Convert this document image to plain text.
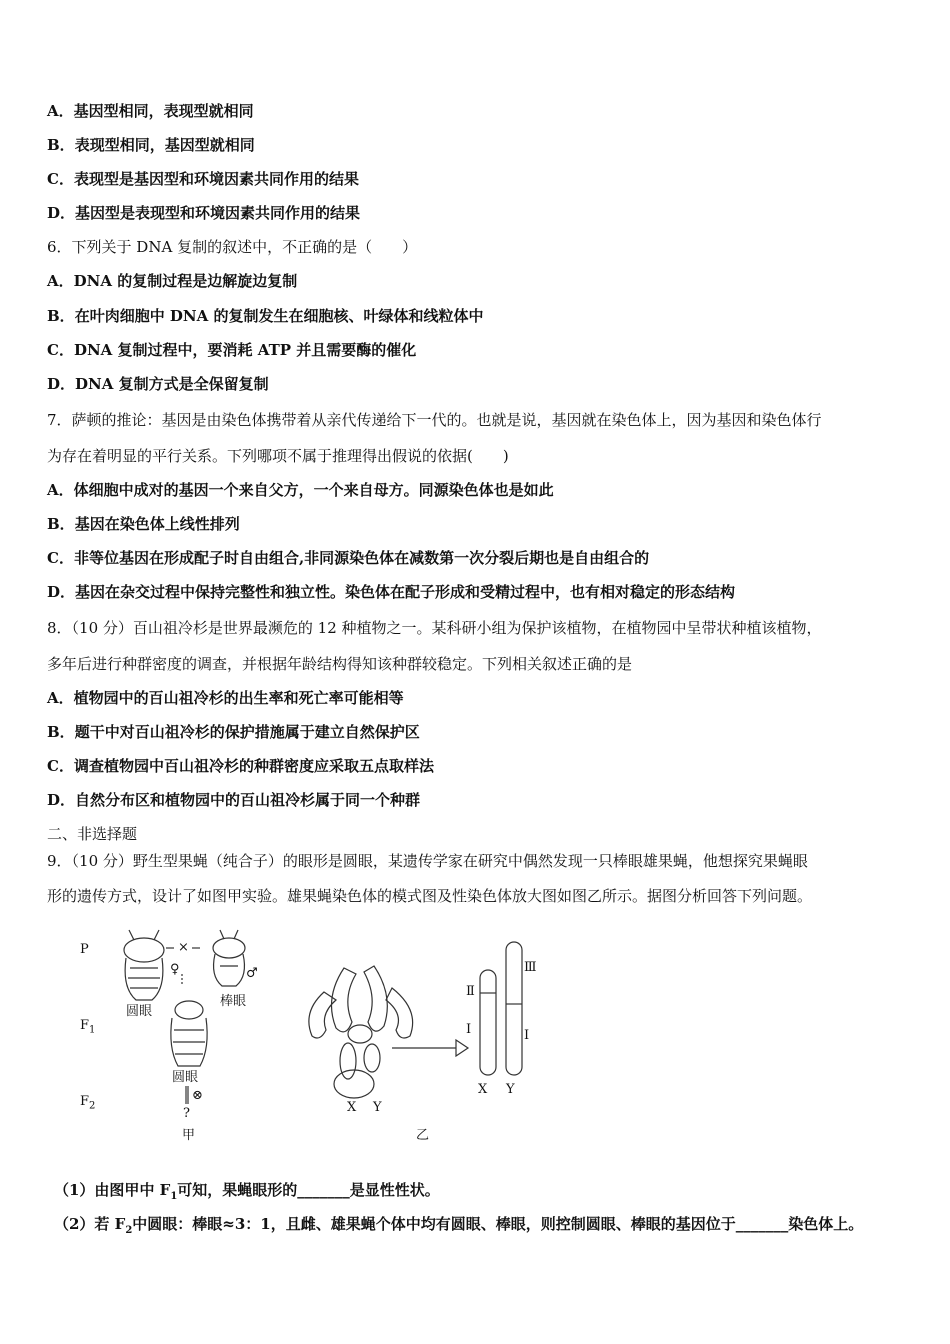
A．基因型相同，表现型就相同
B．表现型相同，基因型就相同
C．表现型是基因型和环境因素共同作用的结果
D．基因型是表现型和环境因素共同作用的结果
6．下列关于 DNA 复制的叙述中，不正确的是（　　）
A．DNA 的复制过程是边解旋边复制
B．在叶肉细胞中 DNA 的复制发生在细胞核、叶绿体和线粒体中
C．DNA 复制过程中，要消耗 ATP 并且需要酶的催化
D．DNA 复制方式是全保留复制
7．萨顿的推论：基因是由染色体携带着从亲代传递给下一代的。也就是说，基因就在染色体上，因为基因和染色体行
为存在着明显的平行关系。下列哪项不属于推理得出假说的依据(　　)
A．体细胞中成对的基因一个来自父方，一个来自母方。同源染色体也是如此
B．基因在染色体上线性排列
C．非等位基因在形成配子时自由组合,非同源染色体在减数第一次分裂后期也是自由组合的
D．基因在杂交过程中保持完整性和独立性。染色体在配子形成和受精过程中，也有相对稳定的形态结构
8．（10 分）百山祖冷杉是世界最濒危的 12 种植物之一。某科研小组为保护该植物，在植物园中呈带状种植该植物，
多年后进行种群密度的调查，并根据年龄结构得知该种群较稳定。下列相关叙述正确的是
A．植物园中的百山祖冷杉的出生率和死亡率可能相等
B．题干中对百山祖冷杉的保护措施属于建立自然保护区
C．调查植物园中百山祖冷杉的种群密度应采取五点取样法
D．自然分布区和植物园中的百山祖冷杉属于同一个种群
二、非选择题
9．（10 分）野生型果蝇（纯合子）的眼形是圆眼，某遗传学家在研究中偶然发现一只棒眼雄果蝇，他想探究果蝇眼
形的遗传方式，设计了如图甲实验。雄果蝇染色体的模式图及性染色体放大图如图乙所示。据图分析回答下列问题。
P
$F_1$
$F_2$
×
♀	♂
圆眼
棒眼
圆眼
⊗
?
甲	乙
X Y
X Y
Ⅱ
Ⅰ
Ⅲ
Ⅰ
（1）由图甲中 $F_1$可知，果蝇眼形的_______是显性性状。
（2）若 $F_2$中圆眼：棒眼≈3：1，且雌、雄果蝇个体中均有圆眼、棒眼，则控制圆眼、棒眼的基因位于_______染色体上。
